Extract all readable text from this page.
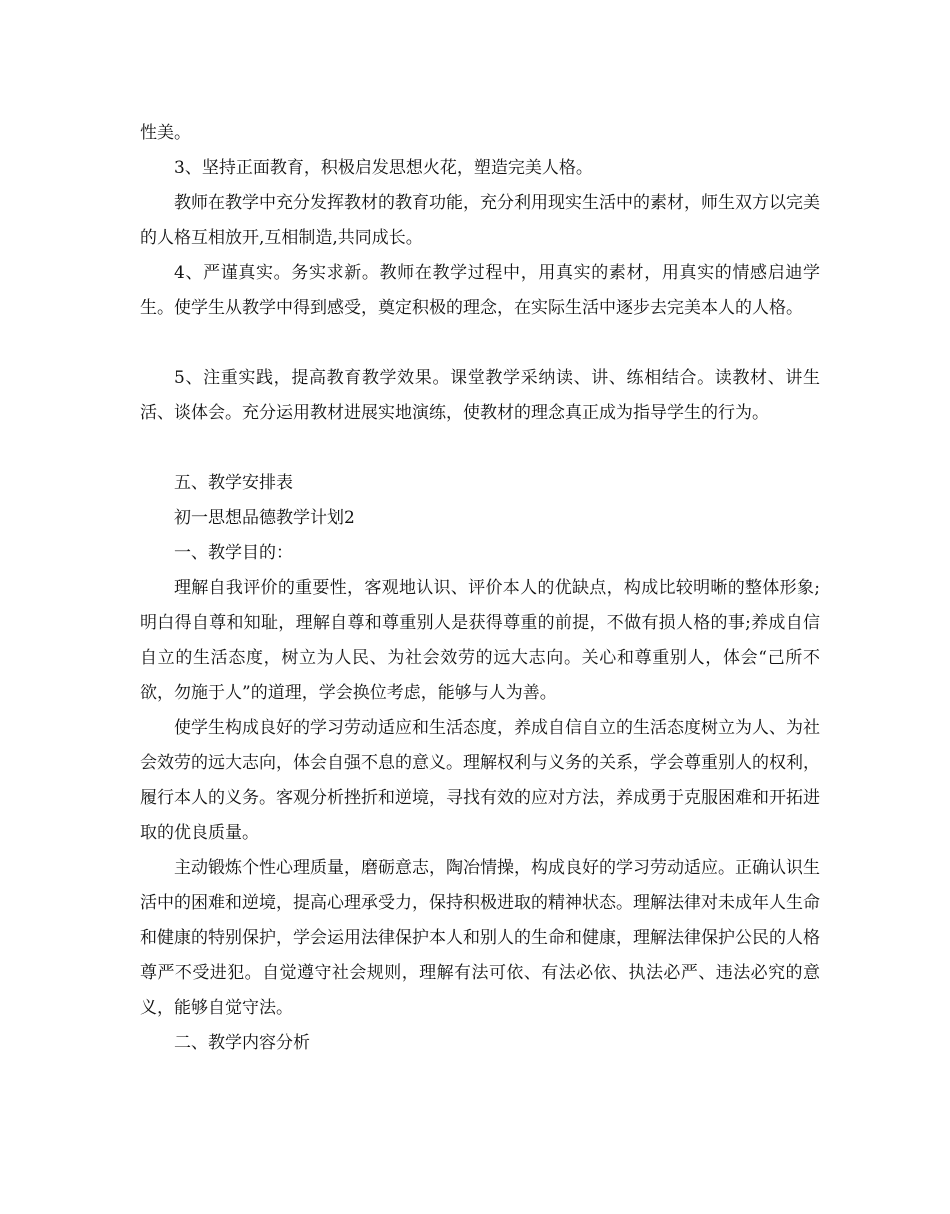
性美。

3、坚持正面教育，积极启发思想火花，塑造完美人格。

教师在教学中充分发挥教材的教育功能，充分利用现实生活中的素材，师生双方以完美的人格互相放开,互相制造,共同成长。

4、严谨真实。务实求新。教师在教学过程中，用真实的素材，用真实的情感启迪学生。使学生从教学中得到感受，奠定积极的理念，在实际生活中逐步去完美本人的人格。

5、注重实践，提高教育教学效果。课堂教学采纳读、讲、练相结合。读教材、讲生活、谈体会。充分运用教材进展实地演练，使教材的理念真正成为指导学生的行为。

五、教学安排表

初一思想品德教学计划2

一、教学目的：

理解自我评价的重要性，客观地认识、评价本人的优缺点，构成比较明晰的整体形象;明白得自尊和知耻，理解自尊和尊重别人是获得尊重的前提，不做有损人格的事;养成自信自立的生活态度，树立为人民、为社会效劳的远大志向。关心和尊重别人，体会“己所不欲，勿施于人”的道理，学会换位考虑，能够与人为善。

使学生构成良好的学习劳动适应和生活态度，养成自信自立的生活态度树立为人、为社会效劳的远大志向，体会自强不息的意义。理解权利与义务的关系，学会尊重别人的权利，履行本人的义务。客观分析挫折和逆境，寻找有效的应对方法，养成勇于克服困难和开拓进取的优良质量。

主动锻炼个性心理质量，磨砺意志，陶冶情操，构成良好的学习劳动适应。正确认识生活中的困难和逆境，提高心理承受力，保持积极进取的精神状态。理解法律对未成年人生命和健康的特别保护，学会运用法律保护本人和别人的生命和健康，理解法律保护公民的人格尊严不受进犯。自觉遵守社会规则，理解有法可依、有法必依、执法必严、违法必究的意义，能够自觉守法。

二、教学内容分析
